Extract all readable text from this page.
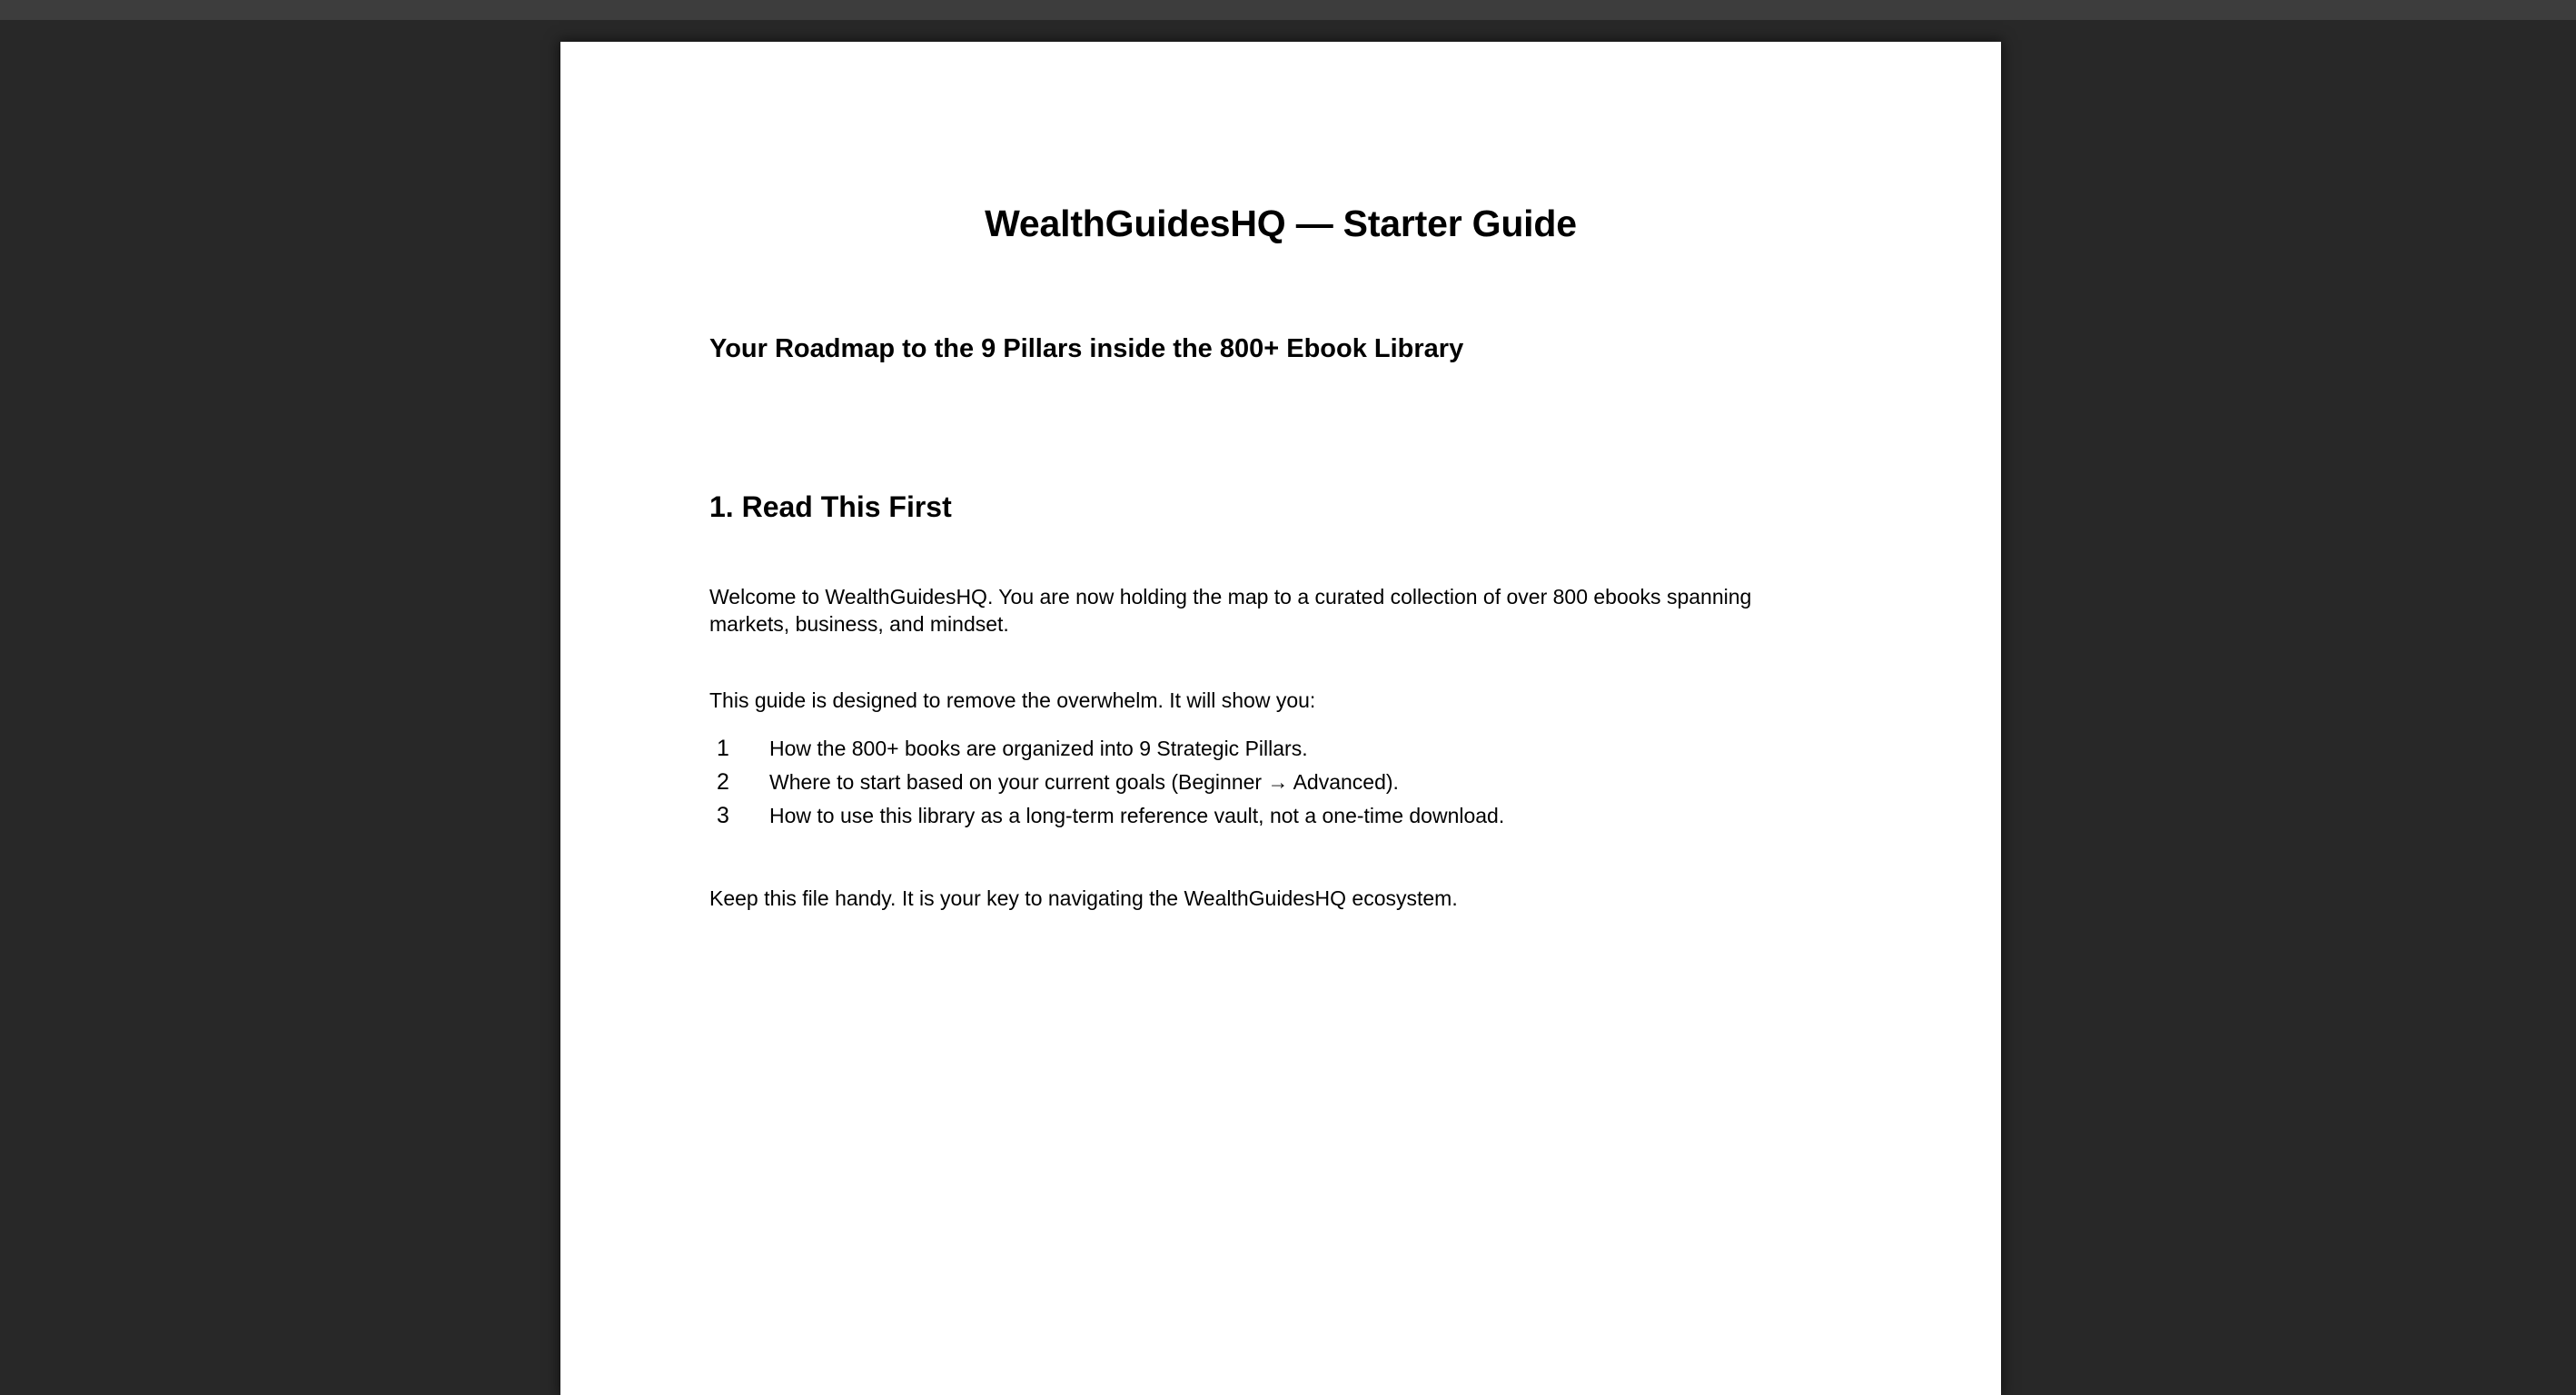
WealthGuidesHQ — Starter Guide
Your Roadmap to the 9 Pillars inside the 800+ Ebook Library
1. Read This First

Welcome to WealthGuidesHQ. You are now holding the map to a curated collection of over 800 ebooks spanning markets, business, and mindset.

This guide is designed to remove the overwhelm. It will show you:

1	How the 800+ books are organized into 9 Strategic Pillars.
2	Where to start based on your current goals (Beginner → Advanced).
3	How to use this library as a long-term reference vault, not a one-time download.

Keep this file handy. It is your key to navigating the WealthGuidesHQ ecosystem.
